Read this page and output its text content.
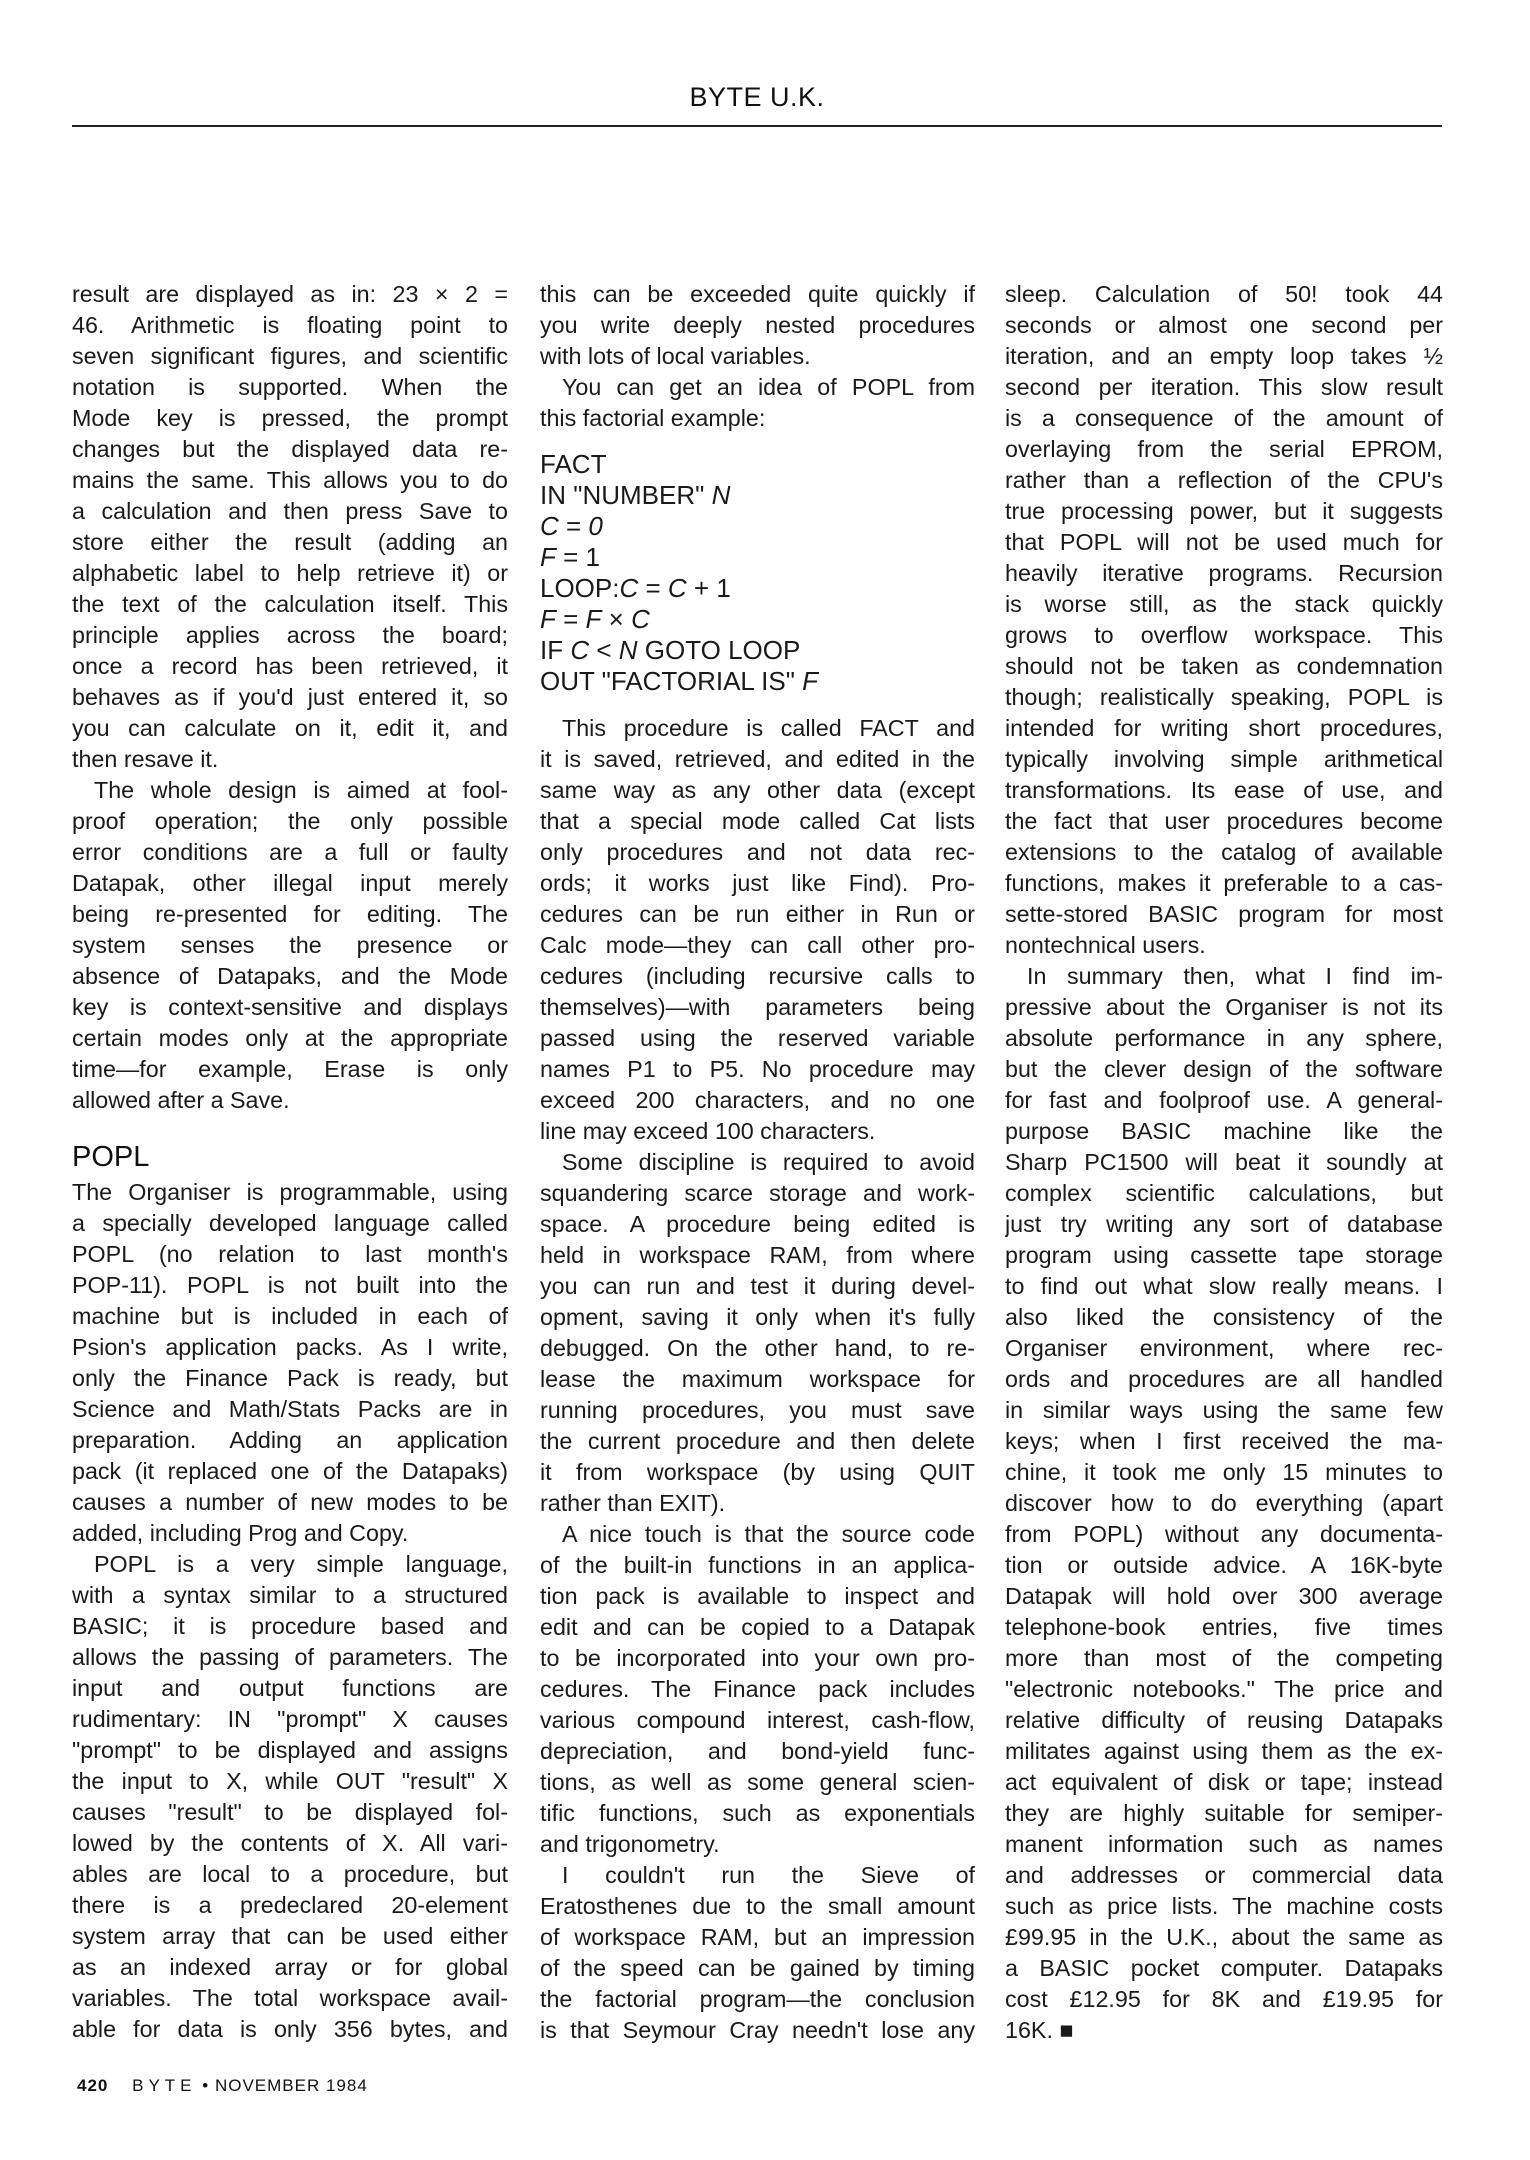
BYTE U.K.
result are displayed as in: 23 × 2 =
46. Arithmetic is floating point to
seven significant figures, and scientific
notation is supported. When the
Mode key is pressed, the prompt
changes but the displayed data re-
mains the same. This allows you to do
a calculation and then press Save to
store either the result (adding an
alphabetic label to help retrieve it) or
the text of the calculation itself. This
principle applies across the board;
once a record has been retrieved, it
behaves as if you'd just entered it, so
you can calculate on it, edit it, and
then resave it.
The whole design is aimed at fool-
proof operation; the only possible
error conditions are a full or faulty
Datapak, other illegal input merely
being re-presented for editing. The
system senses the presence or
absence of Datapaks, and the Mode
key is context-sensitive and displays
certain modes only at the appropriate
time—for example, Erase is only
allowed after a Save.
POPL
The Organiser is programmable, using
a specially developed language called
POPL (no relation to last month's
POP-11). POPL is not built into the
machine but is included in each of
Psion's application packs. As I write,
only the Finance Pack is ready, but
Science and Math/Stats Packs are in
preparation. Adding an application
pack (it replaced one of the Datapaks)
causes a number of new modes to be
added, including Prog and Copy.
POPL is a very simple language,
with a syntax similar to a structured
BASIC; it is procedure based and
allows the passing of parameters. The
input and output functions are
rudimentary: IN "prompt" X causes
"prompt" to be displayed and assigns
the input to X, while OUT "result" X
causes "result" to be displayed fol-
lowed by the contents of X. All vari-
ables are local to a procedure, but
there is a predeclared 20-element
system array that can be used either
as an indexed array or for global
variables. The total workspace avail-
able for data is only 356 bytes, and
this can be exceeded quite quickly if
you write deeply nested procedures
with lots of local variables.
You can get an idea of POPL from
this factorial example:
FACT
IN "NUMBER" N
C = 0
F = 1
LOOP:C = C + 1
F = F × C
IF C < N GOTO LOOP
OUT "FACTORIAL IS" F
This procedure is called FACT and
it is saved, retrieved, and edited in the
same way as any other data (except
that a special mode called Cat lists
only procedures and not data rec-
ords; it works just like Find). Pro-
cedures can be run either in Run or
Calc mode—they can call other pro-
cedures (including recursive calls to
themselves)—with parameters being
passed using the reserved variable
names P1 to P5. No procedure may
exceed 200 characters, and no one
line may exceed 100 characters.
Some discipline is required to avoid
squandering scarce storage and work-
space. A procedure being edited is
held in workspace RAM, from where
you can run and test it during devel-
opment, saving it only when it's fully
debugged. On the other hand, to re-
lease the maximum workspace for
running procedures, you must save
the current procedure and then delete
it from workspace (by using QUIT
rather than EXIT).
A nice touch is that the source code
of the built-in functions in an applica-
tion pack is available to inspect and
edit and can be copied to a Datapak
to be incorporated into your own pro-
cedures. The Finance pack includes
various compound interest, cash-flow,
depreciation, and bond-yield func-
tions, as well as some general scien-
tific functions, such as exponentials
and trigonometry.
I couldn't run the Sieve of
Eratosthenes due to the small amount
of workspace RAM, but an impression
of the speed can be gained by timing
the factorial program—the conclusion
is that Seymour Cray needn't lose any
sleep. Calculation of 50! took 44
seconds or almost one second per
iteration, and an empty loop takes ½
second per iteration. This slow result
is a consequence of the amount of
overlaying from the serial EPROM,
rather than a reflection of the CPU's
true processing power, but it suggests
that POPL will not be used much for
heavily iterative programs. Recursion
is worse still, as the stack quickly
grows to overflow workspace. This
should not be taken as condemnation
though; realistically speaking, POPL is
intended for writing short procedures,
typically involving simple arithmetical
transformations. Its ease of use, and
the fact that user procedures become
extensions to the catalog of available
functions, makes it preferable to a cas-
sette-stored BASIC program for most
nontechnical users.
In summary then, what I find im-
pressive about the Organiser is not its
absolute performance in any sphere,
but the clever design of the software
for fast and foolproof use. A general-
purpose BASIC machine like the
Sharp PC1500 will beat it soundly at
complex scientific calculations, but
just try writing any sort of database
program using cassette tape storage
to find out what slow really means. I
also liked the consistency of the
Organiser environment, where rec-
ords and procedures are all handled
in similar ways using the same few
keys; when I first received the ma-
chine, it took me only 15 minutes to
discover how to do everything (apart
from POPL) without any documenta-
tion or outside advice. A 16K-byte
Datapak will hold over 300 average
telephone-book entries, five times
more than most of the competing
"electronic notebooks." The price and
relative difficulty of reusing Datapaks
militates against using them as the ex-
act equivalent of disk or tape; instead
they are highly suitable for semiper-
manent information such as names
and addresses or commercial data
such as price lists. The machine costs
£99.95 in the U.K., about the same as
a BASIC pocket computer. Datapaks
cost £12.95 for 8K and £19.95 for
16K. ■
420 BYTE • NOVEMBER 1984
